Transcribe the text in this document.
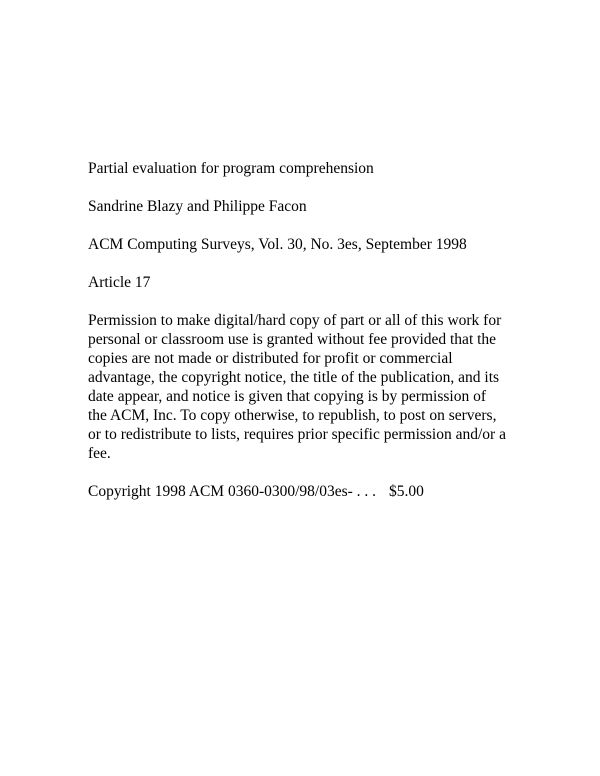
Partial evaluation for program comprehension
Sandrine Blazy and Philippe Facon
ACM Computing Surveys, Vol. 30, No. 3es, September 1998
Article 17
Permission to make digital/hard copy of part or all of this work for
personal or classroom use is granted without fee provided that the
copies are not made or distributed for profit or commercial
advantage, the copyright notice, the title of the publication, and its
date appear, and notice is given that copying is by permission of
the ACM, Inc. To copy otherwise, to republish, to post on servers,
or to redistribute to lists, requires prior specific permission and/or a
fee.
Copyright 1998 ACM 0360-0300/98/03es- . . . $5.00
